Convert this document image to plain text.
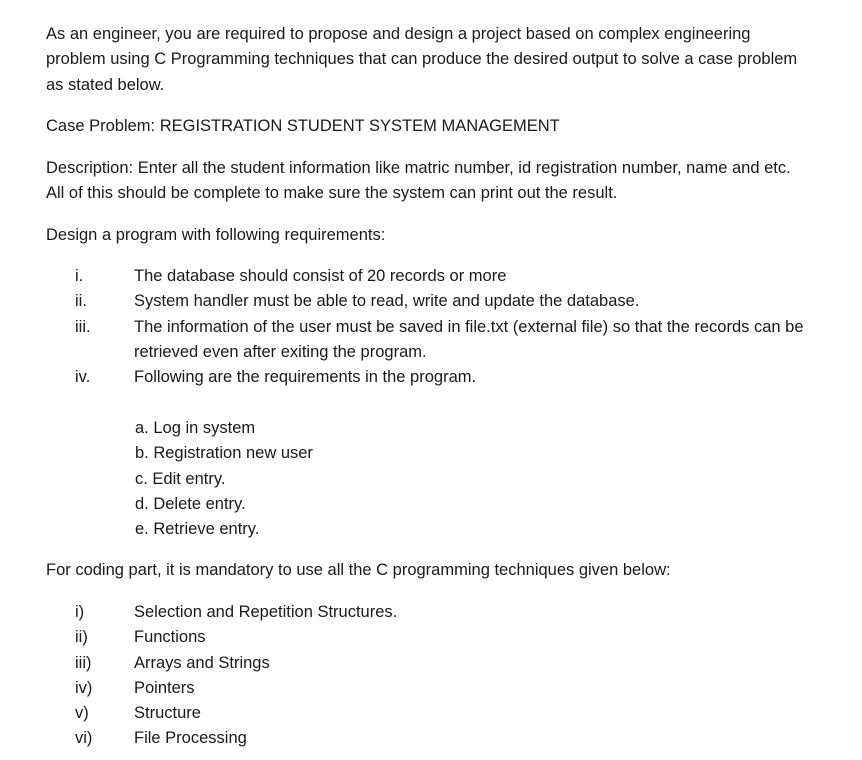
As an engineer, you are required to propose and design a project based on complex engineering
problem using C Programming techniques that can produce the desired output to solve a case problem
as stated below.

Case Problem: REGISTRATION STUDENT SYSTEM MANAGEMENT

Description: Enter all the student information like matric number, id registration number, name and etc.
All of this should be complete to make sure the system can print out the result.

Design a program with following requirements:

i.	The database should consist of 20 records or more
ii.	System handler must be able to read, write and update the database.
iii.	The information of the user must be saved in file.txt (external file) so that the records can be
retrieved even after exiting the program.
iv.	Following are the requirements in the program.
a. Log in system
b. Registration new user
c. Edit entry.
d. Delete entry.
e. Retrieve entry.

For coding part, it is mandatory to use all the C programming techniques given below:

i)	Selection and Repetition Structures.
ii)	Functions
iii)	Arrays and Strings
iv)	Pointers
v)	Structure
vi)	File Processing
